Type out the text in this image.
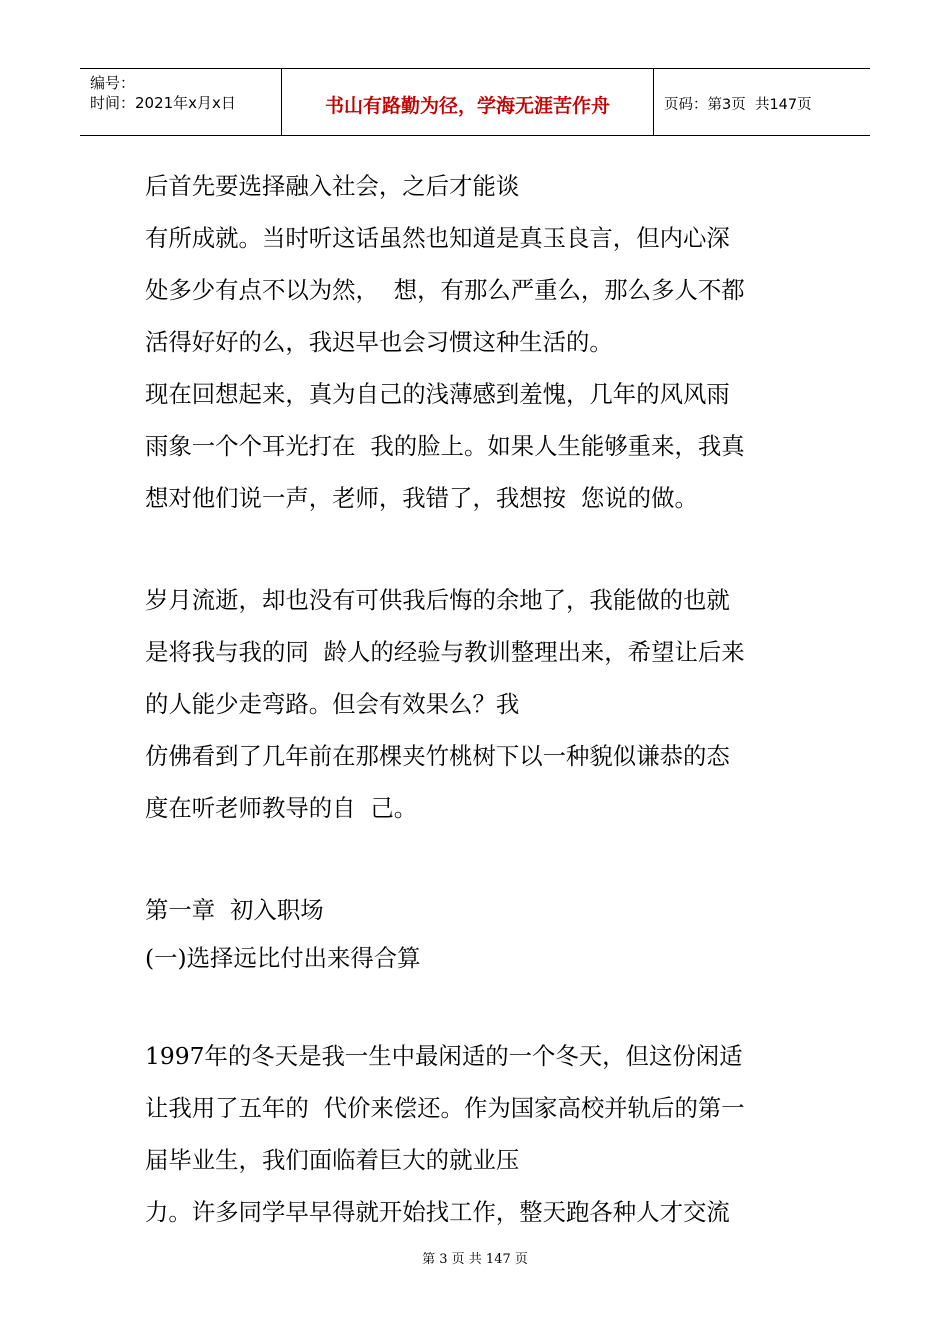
编号：
时间：2021年x月x日	书山有路勤为径，学海无涯苦作舟	页码：第3页  共147页
后首先要选择融入社会，之后才能谈
有所成就。当时听这话虽然也知道是真玉良言，但内心深
处多少有点不以为然，  想，有那么严重么，那么多人不都
活得好好的么，我迟早也会习惯这种生活的。
现在回想起来，真为自己的浅薄感到羞愧，几年的风风雨
雨象一个个耳光打在  我的脸上。如果人生能够重来，我真
想对他们说一声，老师，我错了，我想按  您说的做。
岁月流逝，却也没有可供我后悔的余地了，我能做的也就
是将我与我的同  龄人的经验与教训整理出来，希望让后来
的人能少走弯路。但会有效果么？我
仿佛看到了几年前在那棵夹竹桃树下以一种貌似谦恭的态
度在听老师教导的自  己。
第一章  初入职场
(一)选择远比付出来得合算
1997年的冬天是我一生中最闲适的一个冬天，但这份闲适
让我用了五年的  代价来偿还。作为国家高校并轨后的第一
届毕业生，我们面临着巨大的就业压
力。许多同学早早得就开始找工作，整天跑各种人才交流
第 3 页 共 147 页
